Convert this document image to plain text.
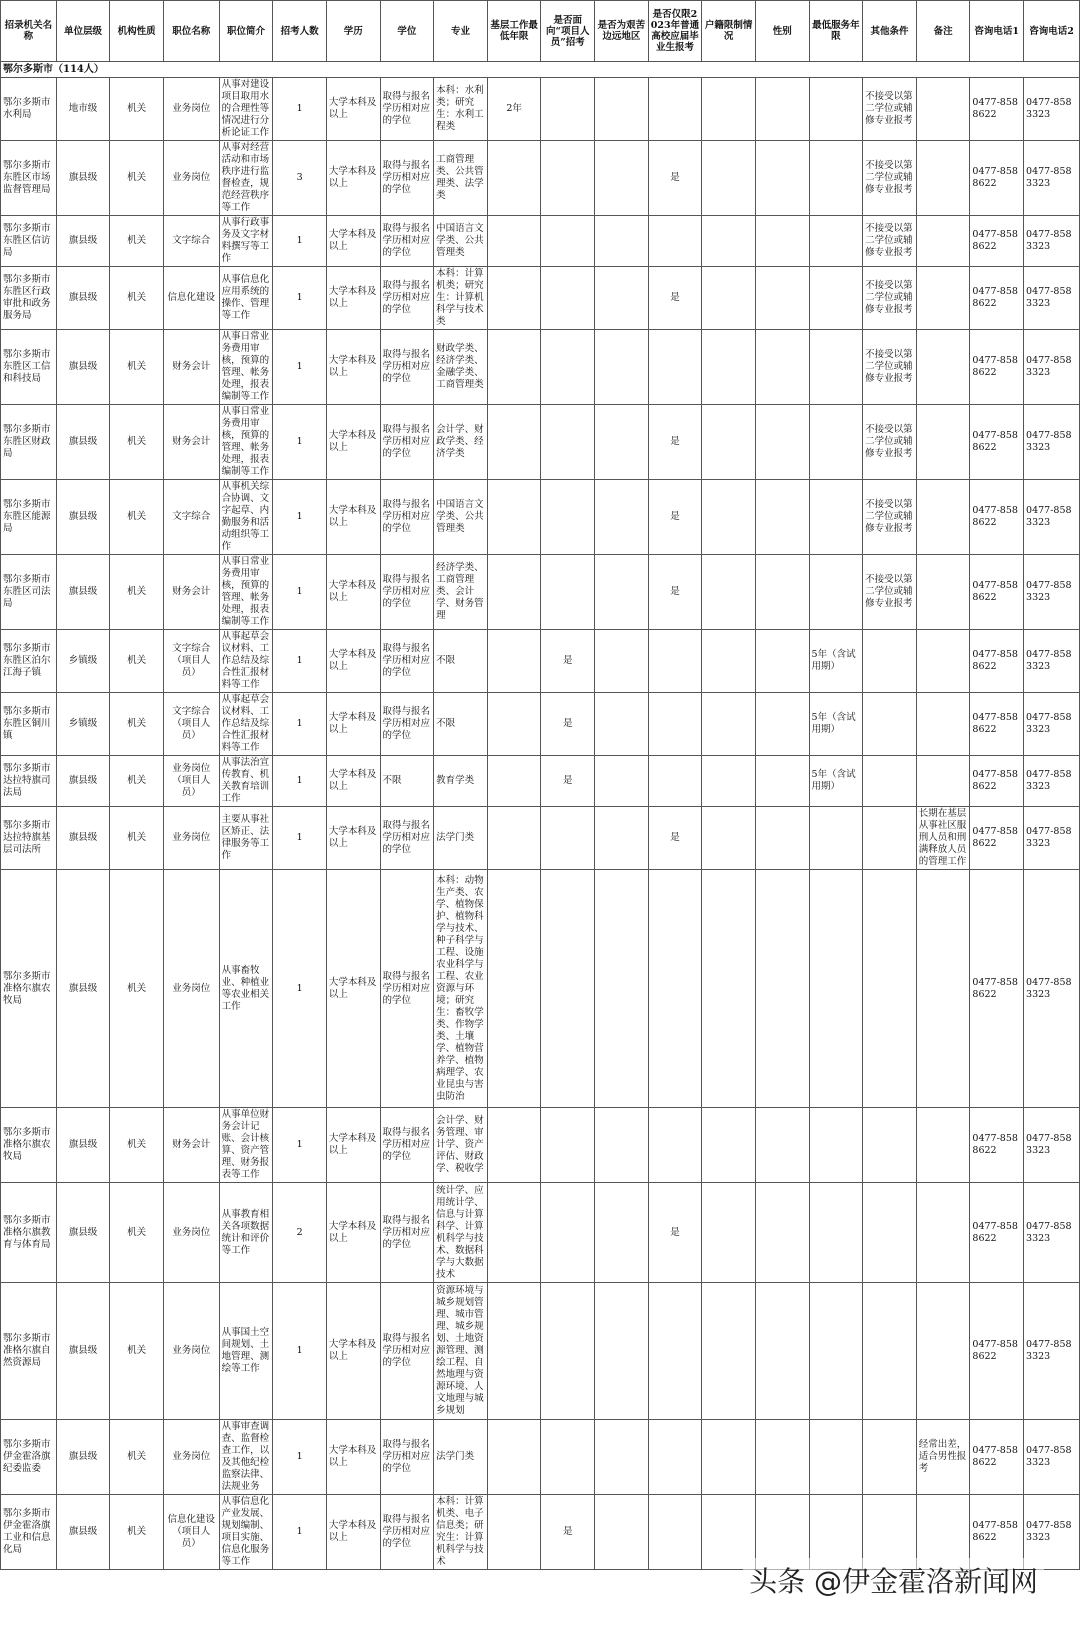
招录机关名称	单位层级	机构性质	职位名称	职位简介	招考人数	学历	学位	专业	基层工作最低年限	是否面向“项目人员”招考	是否为艰苦边远地区	是否仅限2023年普通高校应届毕业生报考	户籍限制情况	性别	最低服务年限	其他条件	备注	咨询电话1	咨询电话2
鄂尔多斯市（114人）																			
鄂尔多斯市水利局	地市级	机关	业务岗位	从事对建设项目取用水的合理性等情况进行分析论证工作	1	大学本科及以上	取得与报名学历相对应的学位	本科：水利类；研究生：水利工程类	2年							不接受以第二学位或辅修专业报考		0477-8588622	0477-8583323
鄂尔多斯市东胜区市场监督管理局	旗县级	机关	业务岗位	从事对经营活动和市场秩序进行监督检查，规范经营秩序等工作	3	大学本科及以上	取得与报名学历相对应的学位	工商管理类、公共管理类、法学类				是				不接受以第二学位或辅修专业报考		0477-8588622	0477-8583323
鄂尔多斯市东胜区信访局	旗县级	机关	文字综合	从事行政事务及文字材料撰写等工作	1	大学本科及以上	取得与报名学历相对应的学位	中国语言文学类、公共管理类								不接受以第二学位或辅修专业报考		0477-8588622	0477-8583323
鄂尔多斯市东胜区行政审批和政务服务局	旗县级	机关	信息化建设	从事信息化应用系统的操作、管理等工作	1	大学本科及以上	取得与报名学历相对应的学位	本科：计算机类；研究生：计算机科学与技术类				是				不接受以第二学位或辅修专业报考		0477-8588622	0477-8583323
鄂尔多斯市东胜区工信和科技局	旗县级	机关	财务会计	从事日常业务费用审核，预算的管理、帐务处理，报表编制等工作	1	大学本科及以上	取得与报名学历相对应的学位	财政学类、经济学类、金融学类、工商管理类								不接受以第二学位或辅修专业报考		0477-8588622	0477-8583323
鄂尔多斯市东胜区财政局	旗县级	机关	财务会计	从事日常业务费用审核，预算的管理、帐务处理，报表编制等工作	1	大学本科及以上	取得与报名学历相对应的学位	会计学、财政学类、经济学类				是				不接受以第二学位或辅修专业报考		0477-8588622	0477-8583323
鄂尔多斯市东胜区能源局	旗县级	机关	文字综合	从事机关综合协调、文字起草、内勤服务和活动组织等工作	1	大学本科及以上	取得与报名学历相对应的学位	中国语言文学类、公共管理类				是				不接受以第二学位或辅修专业报考		0477-8588622	0477-8583323
鄂尔多斯市东胜区司法局	旗县级	机关	财务会计	从事日常业务费用审核，预算的管理、帐务处理，报表编制等工作	1	大学本科及以上	取得与报名学历相对应的学位	经济学类、工商管理类、会计学、财务管理				是				不接受以第二学位或辅修专业报考		0477-8588622	0477-8583323
鄂尔多斯市东胜区泊尔江海子镇	乡镇级	机关	文字综合（项目人员）	从事起草会议材料、工作总结及综合性汇报材料等工作	1	大学本科及以上	取得与报名学历相对应的学位	不限		是					5年（含试用期）			0477-8588622	0477-8583323
鄂尔多斯市东胜区铜川镇	乡镇级	机关	文字综合（项目人员）	从事起草会议材料、工作总结及综合性汇报材料等工作	1	大学本科及以上	取得与报名学历相对应的学位	不限		是					5年（含试用期）			0477-8588622	0477-8583323
鄂尔多斯市达拉特旗司法局	旗县级	机关	业务岗位（项目人员）	从事法治宣传教育、机关教育培训工作	1	大学本科及以上	不限	教育学类		是					5年（含试用期）			0477-8588622	0477-8583323
鄂尔多斯市达拉特旗基层司法所	旗县级	机关	业务岗位	主要从事社区矫正、法律服务等工作	1	大学本科及以上	取得与报名学历相对应的学位	法学门类				是					长期在基层从事社区服刑人员和刑满释放人员的管理工作	0477-8588622	0477-8583323
鄂尔多斯市准格尔旗农牧局	旗县级	机关	业务岗位	从事畜牧业、种植业等农业相关工作	1	大学本科及以上	取得与报名学历相对应的学位	本科：动物生产类、农学、植物保护、植物科学与技术、种子科学与工程、设施农业科学与工程、农业资源与环境；研究生：畜牧学类、作物学类、土壤学、植物营养学、植物病理学、农业昆虫与害虫防治										0477-8588622	0477-8583323
鄂尔多斯市准格尔旗农牧局	旗县级	机关	财务会计	从事单位财务会计记账、会计核算、资产管理、财务报表等工作	1	大学本科及以上	取得与报名学历相对应的学位	会计学、财务管理、审计学、资产评估、财政学、税收学										0477-8588622	0477-8583323
鄂尔多斯市准格尔旗教育与体育局	旗县级	机关	业务岗位	从事教育相关各项数据统计和评价等工作	2	大学本科及以上	取得与报名学历相对应的学位	统计学、应用统计学、信息与计算科学、计算机科学与技术、数据科学与大数据技术				是						0477-8588622	0477-8583323
鄂尔多斯市准格尔旗自然资源局	旗县级	机关	业务岗位	从事国土空间规划、土地管理、测绘等工作	1	大学本科及以上	取得与报名学历相对应的学位	资源环境与城乡规划管理、城市管理、城乡规划、土地资源管理、测绘工程、自然地理与资源环境、人文地理与城乡规划										0477-8588622	0477-8583323
鄂尔多斯市伊金霍洛旗纪委监委	旗县级	机关	业务岗位	从事审查调查、监督检查工作，以及其他纪检监察法律、法规业务	1	大学本科及以上	取得与报名学历相对应的学位	法学门类									经常出差，适合男性报考	0477-8588622	0477-8583323
鄂尔多斯市伊金霍洛旗工业和信息化局	旗县级	机关	信息化建设（项目人员）	从事信息化产业发展、规划编制、项目实施、信息化服务等工作	1	大学本科及以上	取得与报名学历相对应的学位	本科：计算机类、电子信息类；研究生：计算机科学与技术		是								0477-8588622	0477-8583323
头条 @伊金霍洛新闻网
